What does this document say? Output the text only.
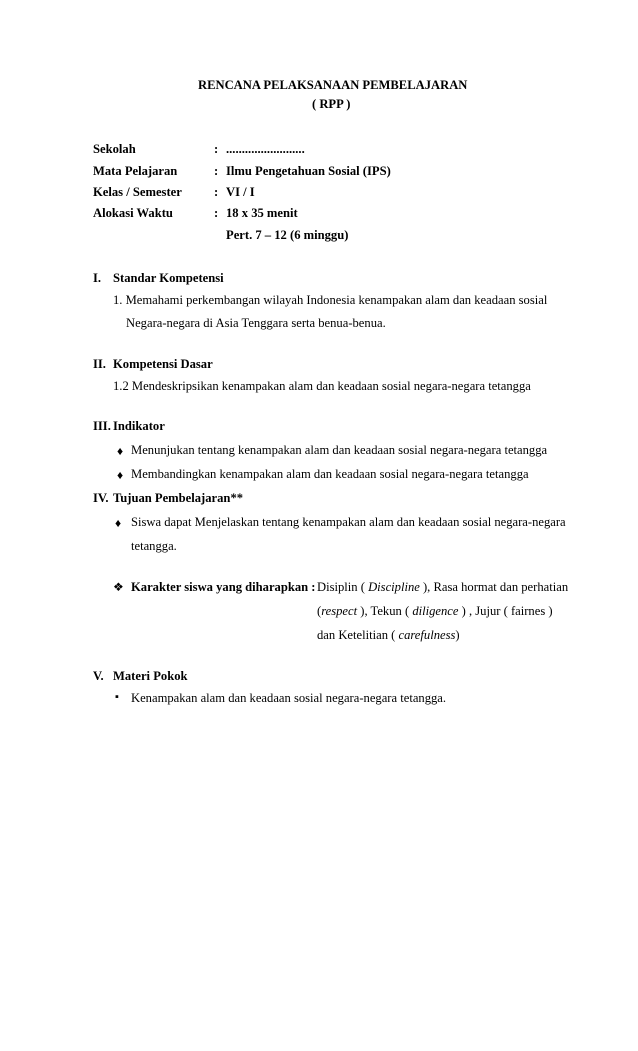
RENCANA PELAKSANAAN PEMBELAJARAN
( RPP )
Sekolah	: .........................
Mata Pelajaran	: Ilmu Pengetahuan Sosial (IPS)
Kelas / Semester	: VI / I
Alokasi Waktu	: 18 x 35 menit
Pert. 7 – 12 (6 minggu)
I. Standar Kompetensi
1. Memahami perkembangan wilayah Indonesia kenampakan alam dan keadaan sosial
Negara-negara di Asia Tenggara serta benua-benua.
II. Kompetensi Dasar
1.2 Mendeskripsikan kenampakan alam dan keadaan sosial negara-negara tetangga
III. Indikator
♦ Menunjukan tentang kenampakan alam dan keadaan sosial negara-negara tetangga
♦ Membandingkan kenampakan alam dan keadaan sosial negara-negara tetangga
IV. Tujuan Pembelajaran**
♦ Siswa dapat Menjelaskan tentang kenampakan alam dan keadaan sosial negara-negara
tetangga.
❖ Karakter siswa yang diharapkan : Disiplin ( Discipline ), Rasa hormat dan perhatian
(respect ), Tekun ( diligence ) , Jujur ( fairnes )
dan Ketelitian ( carefulness)
V. Materi Pokok
▪ Kenampakan alam dan keadaan sosial negara-negara tetangga.
